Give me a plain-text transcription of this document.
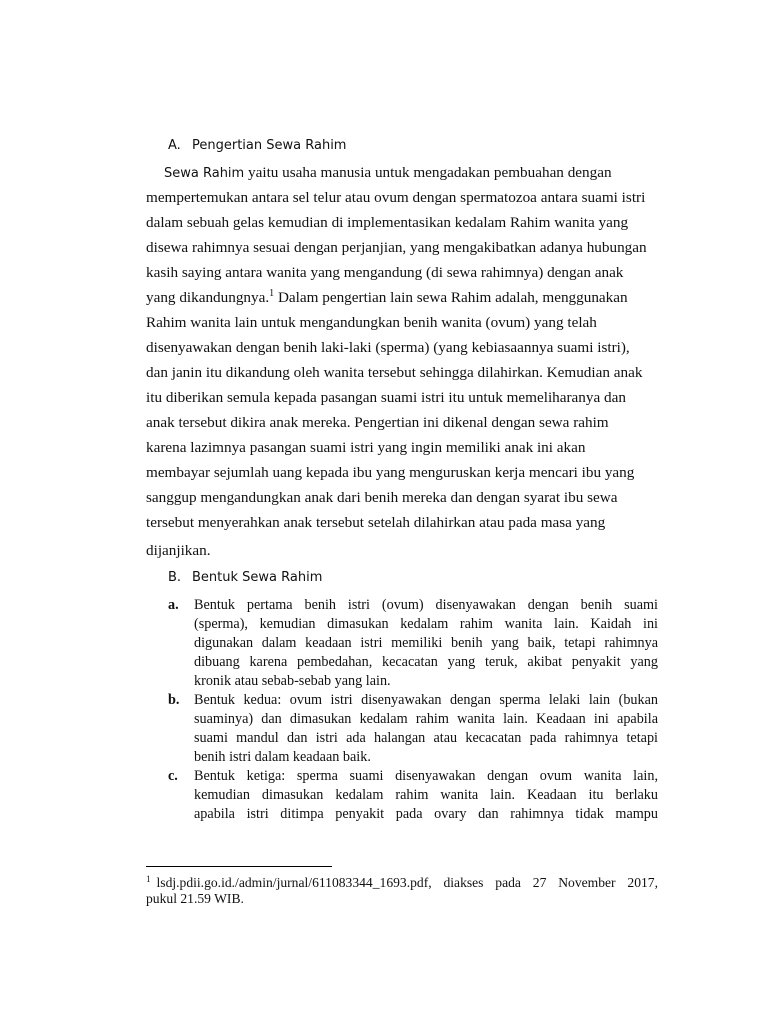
A. Pengertian Sewa Rahim
Sewa Rahim yaitu usaha manusia untuk mengadakan pembuahan dengan
mempertemukan antara sel telur atau ovum dengan spermatozoa antara suami istri
dalam sebuah gelas kemudian di implementasikan kedalam Rahim wanita yang
disewa rahimnya sesuai dengan perjanjian, yang mengakibatkan adanya hubungan
kasih saying antara wanita yang mengandung (di sewa rahimnya) dengan anak
yang dikandungnya.$^1$ Dalam pengertian lain sewa Rahim adalah, menggunakan
Rahim wanita lain untuk mengandungkan benih wanita (ovum) yang telah
disenyawakan dengan benih laki-laki (sperma) (yang kebiasaannya suami istri),
dan janin itu dikandung oleh wanita tersebut sehingga dilahirkan. Kemudian anak
itu diberikan semula kepada pasangan suami istri itu untuk memeliharanya dan
anak tersebut dikira anak mereka. Pengertian ini dikenal dengan sewa rahim
karena lazimnya pasangan suami istri yang ingin memiliki anak ini akan
membayar sejumlah uang kepada ibu yang menguruskan kerja mencari ibu yang
sanggup mengandungkan anak dari benih mereka dan dengan syarat ibu sewa
tersebut menyerahkan anak tersebut setelah dilahirkan atau pada masa yang
dijanjikan.
B. Bentuk Sewa Rahim
a. Bentuk pertama benih istri (ovum) disenyawakan dengan benih suami
(sperma), kemudian dimasukan kedalam rahim wanita lain. Kaidah ini
digunakan dalam keadaan istri memiliki benih yang baik, tetapi rahimnya
dibuang karena pembedahan, kecacatan yang teruk, akibat penyakit yang
kronik atau sebab-sebab yang lain.
b. Bentuk kedua: ovum istri disenyawakan dengan sperma lelaki lain (bukan
suaminya) dan dimasukan kedalam rahim wanita lain. Keadaan ini apabila
suami mandul dan istri ada halangan atau kecacatan pada rahimnya tetapi
benih istri dalam keadaan baik.
c. Bentuk ketiga: sperma suami disenyawakan dengan ovum wanita lain,
kemudian dimasukan kedalam rahim wanita lain. Keadaan itu berlaku
apabila istri ditimpa penyakit pada ovary dan rahimnya tidak mampu
$^1$ lsdj.pdii.go.id./admin/jurnal/611083344_1693.pdf, diakses pada 27 November 2017,
pukul 21.59 WIB.
